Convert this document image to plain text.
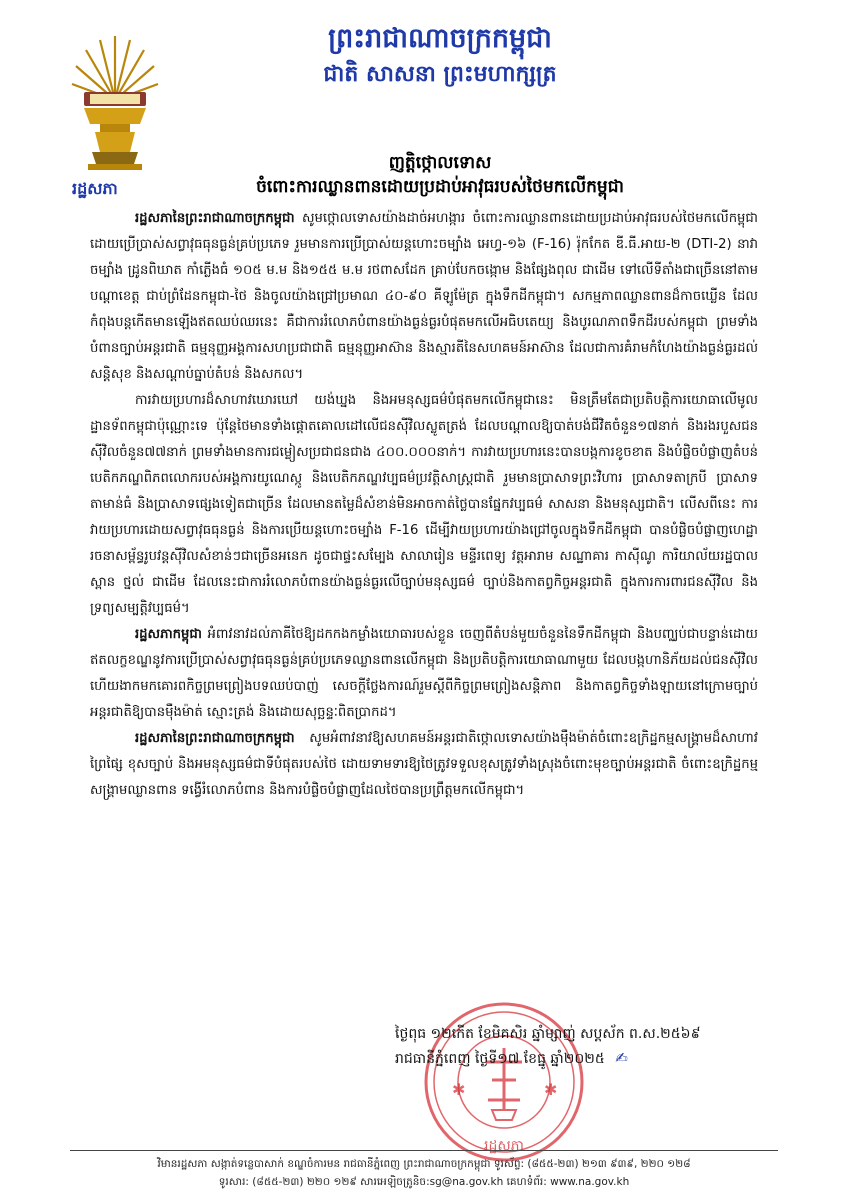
ព្រះរាជាណាចក្រកម្ពុជា
ជាតិ សាសនា ព្រះមហាក្សត្រ
រដ្ឋសភា
ញត្តិថ្កោលទោស
ចំពោះការឈ្លានពានដោយប្រដាប់អាវុធរបស់ថៃមកលើកម្ពុជា

រដ្ឋសភានៃព្រះរាជាណាចក្រកម្ពុជា សូមថ្កោលទោសយ៉ាងដាច់អហង្ការ ចំពោះការឈ្លានពានដោយប្រដាប់អាវុធរបស់ថៃមកលើកម្ពុជា ដោយប្រើប្រាស់សព្វាវុធធុនធ្ងន់គ្រប់ប្រភេទ រួមមានការប្រើប្រាស់យន្តហោះចម្បាំង អេហ្វ-១៦ (F-16) រ៉ុកកែត ឌី.ធី.អាយ-២ (DTI-2) នាវាចម្បាំង ដ្រូនពិឃាត កាំភ្លើងធំ ១០៥ ម.ម និង១៥៥ ម.ម រថពាសដែក គ្រាប់បែកចង្កោម និងផ្សែងពុល ជាដើម ទៅលើទីតាំងជាច្រើននៅតាមបណ្ដាខេត្ត ជាប់ព្រំដែនកម្ពុជា-ថៃ និងចូលយ៉ាងជ្រៅប្រមាណ ៤០-៩០ គីឡូម៉ែត្រ ក្នុងទឹកដីកម្ពុជា។ សកម្មភាពឈ្លានពានដ៏កាចឃ្លើន ដែលកំពុងបន្តកើតមានឡើងឥតឈប់ឈរនេះ គឺជាការរំលោភបំពានយ៉ាងធ្ងន់ធ្ងរបំផុតមកលើអធិបតេយ្យ និងបូរណភាពទឹកដីរបស់កម្ពុជា ព្រមទាំងបំពានច្បាប់អន្តរជាតិ ធម្មនុញ្ញអង្គការសហប្រជាជាតិ ធម្មនុញ្ញអាស៊ាន និងស្មារតីនៃសហគមន៍អាស៊ាន ដែលជាការគំរាមកំហែងយ៉ាងធ្ងន់ធ្ងរដល់សន្តិសុខ និងសណ្ដាប់ធ្នាប់តំបន់ និងសកល។

ការវាយប្រហារដ៏សាហាវឃោរឃៅ យង់ឃ្នង និងអមនុស្សធម៌បំផុតមកលើកម្ពុជានេះ មិនត្រឹមតែជាប្រតិបត្តិការយោធាលើមូលដ្ឋានទ័ពកម្ពុជាប៉ុណ្ណោះទេ ប៉ុន្តែថៃមានទាំងផ្ដោតគោលដៅលើជនស៊ីវិលស្លូតត្រង់ ដែលបណ្ដាលឱ្យបាត់បង់ជីវិតចំនួន១៧នាក់ និងរងរបួសជនស៊ីវិលចំនួន៧៧នាក់ ព្រមទាំងមានការជម្លៀសប្រជាជនជាង ៤០០.០០០នាក់។ ការវាយប្រហារនេះបានបង្កការខូចខាត និងបំផ្លិចបំផ្លាញតំបន់បេតិកភណ្ឌពិភពលោករបស់អង្គការយូណេស្កូ និងបេតិកភណ្ឌវប្បធម៌ប្រវត្តិសាស្ត្រជាតិ រួមមានប្រាសាទព្រះវិហារ ប្រាសាទតាក្របី ប្រាសាទតាមាន់ធំ និងប្រាសាទផ្សេងទៀតជាច្រើន ដែលមានតម្លៃដ៏សំខាន់មិនអាចកាត់ថ្លៃបានផ្នែកវប្បធម៌ សាសនា និងមនុស្សជាតិ។ លើសពីនេះ ការវាយប្រហារដោយសព្វាវុធធុនធ្ងន់ និងការប្រើយន្តហោះចម្បាំង F-16 ដើម្បីវាយប្រហារយ៉ាងជ្រៅចូលក្នុងទឹកដីកម្ពុជា បានបំផ្លិចបំផ្លាញហេដ្ឋារចនាសម្ព័ន្ធរូបវន្តស៊ីវិលសំខាន់ៗជាច្រើនអនេក ដូចជាផ្ទះសម្បែង សាលារៀន មន្ទីរពេទ្យ វត្តអារាម សណ្ឋាគារ កាស៊ីណូ ការិយាល័យរដ្ឋបាល ស្ពាន ថ្នល់ ជាដើម ដែលនេះជាការរំលោភបំពានយ៉ាងធ្ងន់ធ្ងរលើច្បាប់មនុស្សធម៌ ច្បាប់និងកាតព្វកិច្ចអន្តរជាតិ ក្នុងការការពារជនស៊ីវិល និងទ្រព្យសម្បត្តិវប្បធម៌។

រដ្ឋសភាកម្ពុជា អំពាវនាវដល់ភាគីថៃឱ្យដកកងកម្លាំងយោធារបស់ខ្លួន ចេញពីតំបន់មួយចំនួននៃទឹកដីកម្ពុជា និងបញ្ឈប់ជាបន្ទាន់ដោយឥតលក្ខខណ្ឌនូវការប្រើប្រាស់សព្វាវុធធុនធ្ងន់គ្រប់ប្រភេទឈ្លានពានលើកម្ពុជា និងប្រតិបត្តិការយោធាណាមួយ ដែលបង្កហានិភ័យដល់ជនស៊ីវិល ហើយងាកមកគោរពកិច្ចព្រមព្រៀងបទឈប់បាញ់ សេចក្ដីថ្លែងការណ៍រួមស្ដីពីកិច្ចព្រមព្រៀងសន្តិភាព និងកាតព្វកិច្ចទាំងឡាយនៅក្រោមច្បាប់អន្តរជាតិឱ្យបានម៉ឺងម៉ាត់ ស្មោះត្រង់ និងដោយសុច្ឆន្ទៈពិតប្រាកដ។

រដ្ឋសភានៃព្រះរាជាណាចក្រកម្ពុជា សូមអំពាវនាវឱ្យសហគមន៍អន្តរជាតិថ្កោលទោសយ៉ាងម៉ឺងម៉ាត់ចំពោះឧក្រិដ្ឋកម្មសង្គ្រាមដ៏សាហាវព្រៃផ្សៃ ខុសច្បាប់ និងអមនុស្សធម៌ជាទីបំផុតរបស់ថៃ ដោយទាមទារឱ្យថៃត្រូវទទួលខុសត្រូវទាំងស្រុងចំពោះមុខច្បាប់អន្តរជាតិ ចំពោះឧក្រិដ្ឋកម្មសង្គ្រាមឈ្លានពាន ទង្វើរំលោភបំពាន និងការបំផ្លិចបំផ្លាញដែលថៃបានប្រព្រឹត្តមកលើកម្ពុជា។

✱	✱
រដ្ឋសភា
ថ្ងៃពុធ ១២កើត ខែមិគសិរ ឆ្នាំម្សាញ់ សប្តស័ក ព.ស.២៥៦៩
រាជធានីភ្នំពេញ ថ្ងៃទី១៧ ខែធ្នូ ឆ្នាំ២០២៥ ✍
វិមានរដ្ឋសភា សង្កាត់ទន្លេបាសាក់ ខណ្ឌចំការមន រាជធានីភ្នំពេញ ព្រះរាជាណាចក្រកម្ពុជា ទូរស័ព្ទ: (៨៥៥-២៣) ២១៣ ៩៣៩, ២២០ ១២៨
ទូរសារ: (៨៥៥-២៣) ២២០ ១២៩ សារអេឡិចត្រូនិច:sg@na.gov.kh គេហទំព័រ: www.na.gov.kh
